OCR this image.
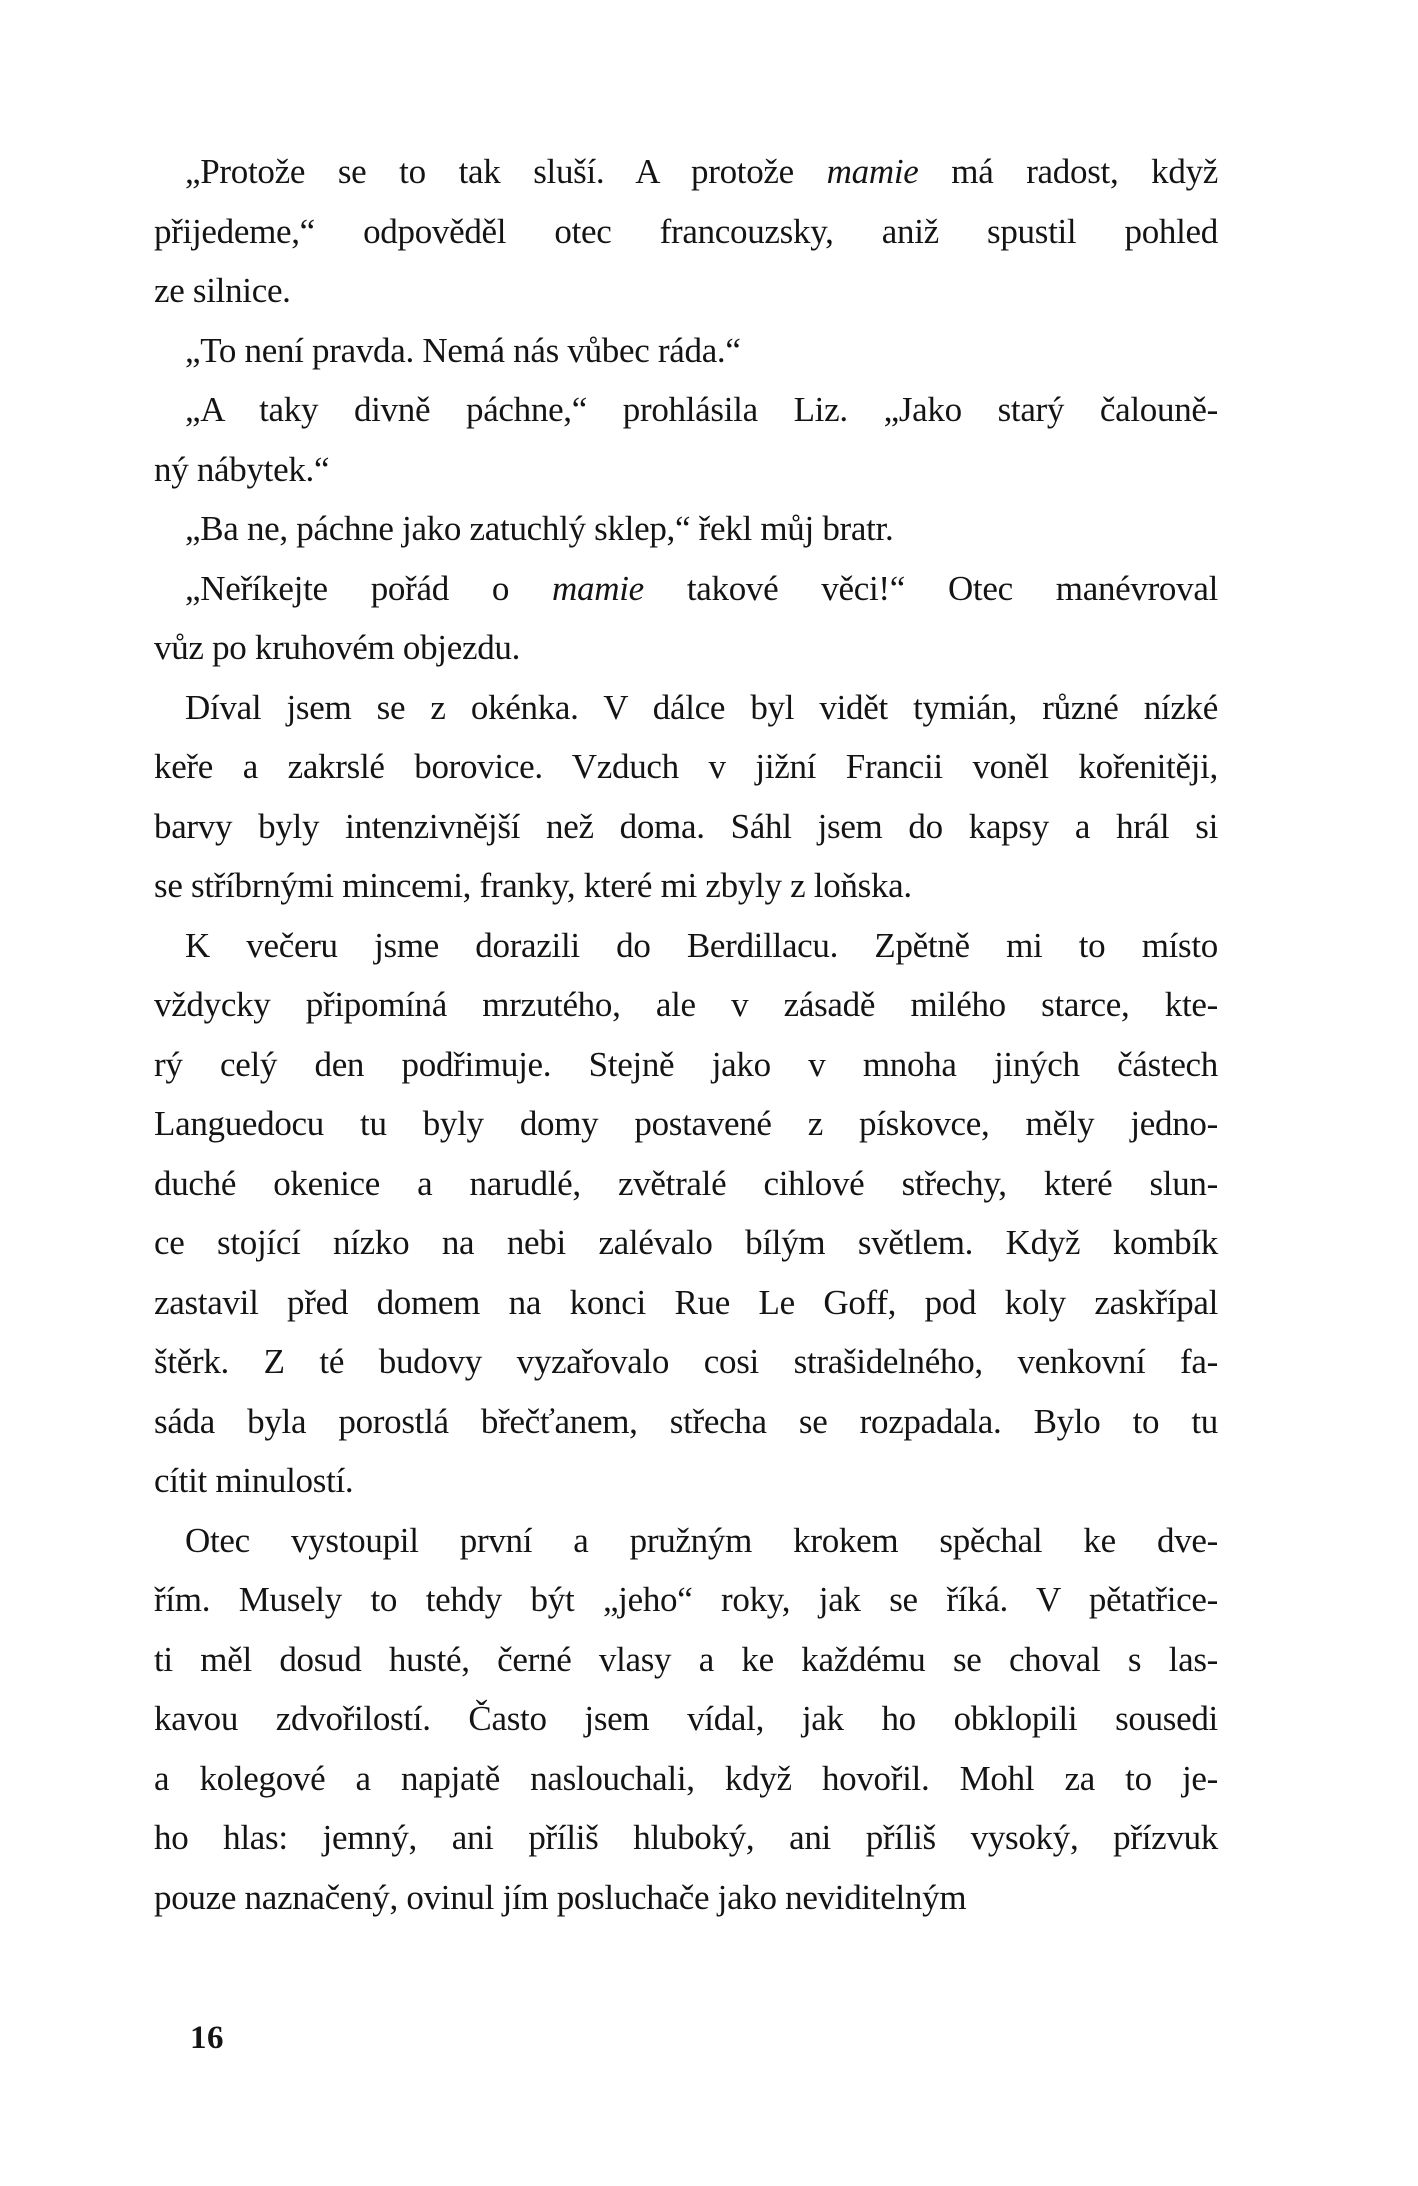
„Protože se to tak sluší. A protože mamie má radost, když
přijedeme,“ odpověděl otec francouzsky, aniž spustil pohled
ze silnice.
„To není pravda. Nemá nás vůbec ráda.“
„A taky divně páchne,“ prohlásila Liz. „Jako starý čalouně-
ný nábytek.“
„Ba ne, páchne jako zatuchlý sklep,“ řekl můj bratr.
„Neříkejte pořád o mamie takové věci!“ Otec manévroval
vůz po kruhovém objezdu.
Díval jsem se z okénka. V dálce byl vidět tymián, různé nízké
keře a zakrslé borovice. Vzduch v jižní Francii voněl kořenitěji,
barvy byly intenzivnější než doma. Sáhl jsem do kapsy a hrál si
se stříbrnými mincemi, franky, které mi zbyly z loňska.
K večeru jsme dorazili do Berdillacu. Zpětně mi to místo
vždycky připomíná mrzutého, ale v zásadě milého starce, kte-
rý celý den podřimuje. Stejně jako v mnoha jiných částech
Languedocu tu byly domy postavené z pískovce, měly jedno-
duché okenice a narudlé, zvětralé cihlové střechy, které slun-
ce stojící nízko na nebi zalévalo bílým světlem. Když kombík
zastavil před domem na konci Rue Le Goff, pod koly zaskřípal
štěrk. Z té budovy vyzařovalo cosi strašidelného, venkovní fa-
sáda byla porostlá břečťanem, střecha se rozpadala. Bylo to tu
cítit minulostí.
Otec vystoupil první a pružným krokem spěchal ke dve-
řím. Musely to tehdy být „jeho“ roky, jak se říká. V pětatřice-
ti měl dosud husté, černé vlasy a ke každému se choval s las-
kavou zdvořilostí. Často jsem vídal, jak ho obklopili sousedi
a kolegové a napjatě naslouchali, když hovořil. Mohl za to je-
ho hlas: jemný, ani příliš hluboký, ani příliš vysoký, přízvuk
pouze naznačený, ovinul jím posluchače jako neviditelným
16
